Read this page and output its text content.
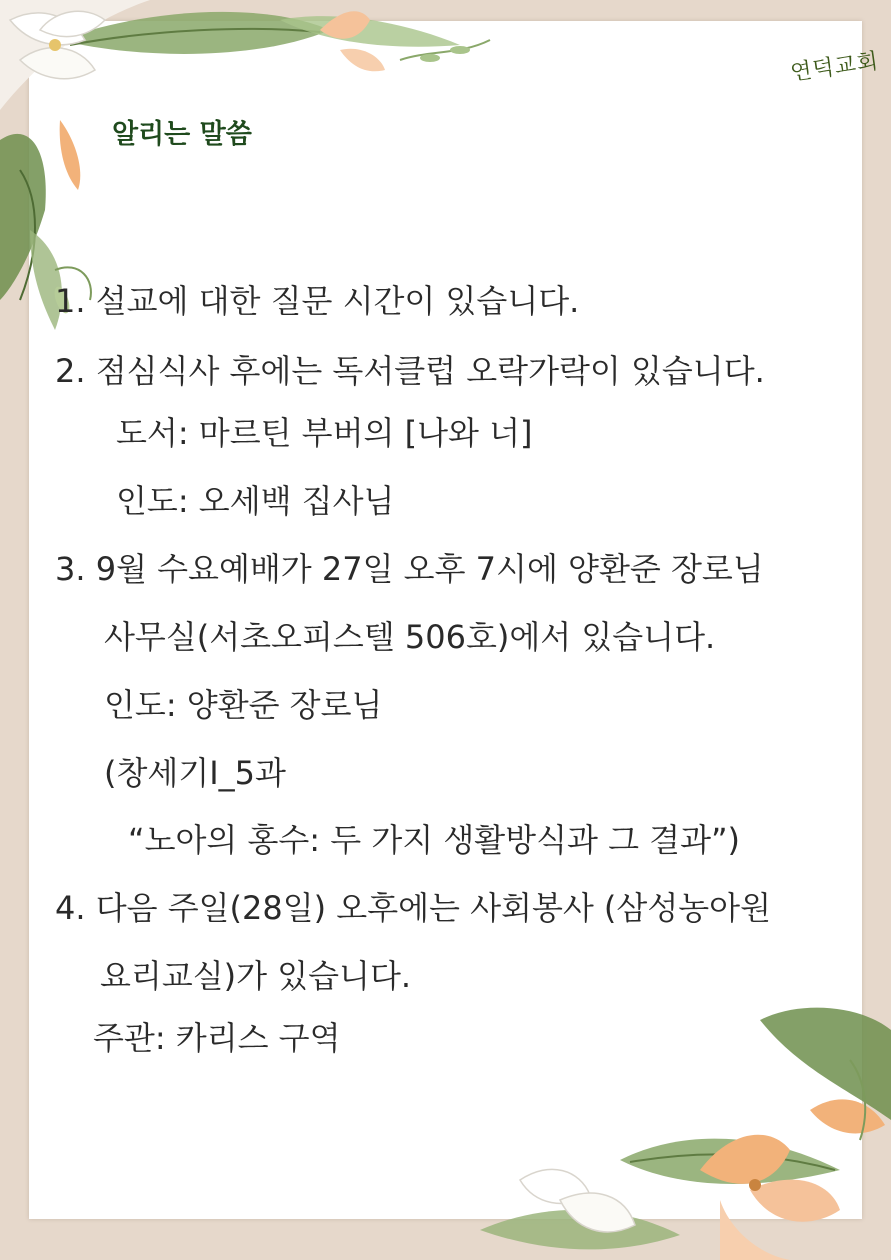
연덕교회
알리는 말씀
1. 설교에 대한 질문 시간이 있습니다.
2. 점심식사 후에는 독서클럽 오락가락이 있습니다.
도서: 마르틴 부버의 [나와 너]
인도: 오세백 집사님
3. 9월 수요예배가 27일 오후 7시에 양환준 장로님
사무실(서초오피스텔 506호)에서 있습니다.
인도: 양환준 장로님
(창세기I_5과
“노아의 홍수: 두 가지 생활방식과 그 결과”)
4. 다음 주일(28일) 오후에는 사회봉사 (삼성농아원
요리교실)가 있습니다.
주관: 카리스 구역
